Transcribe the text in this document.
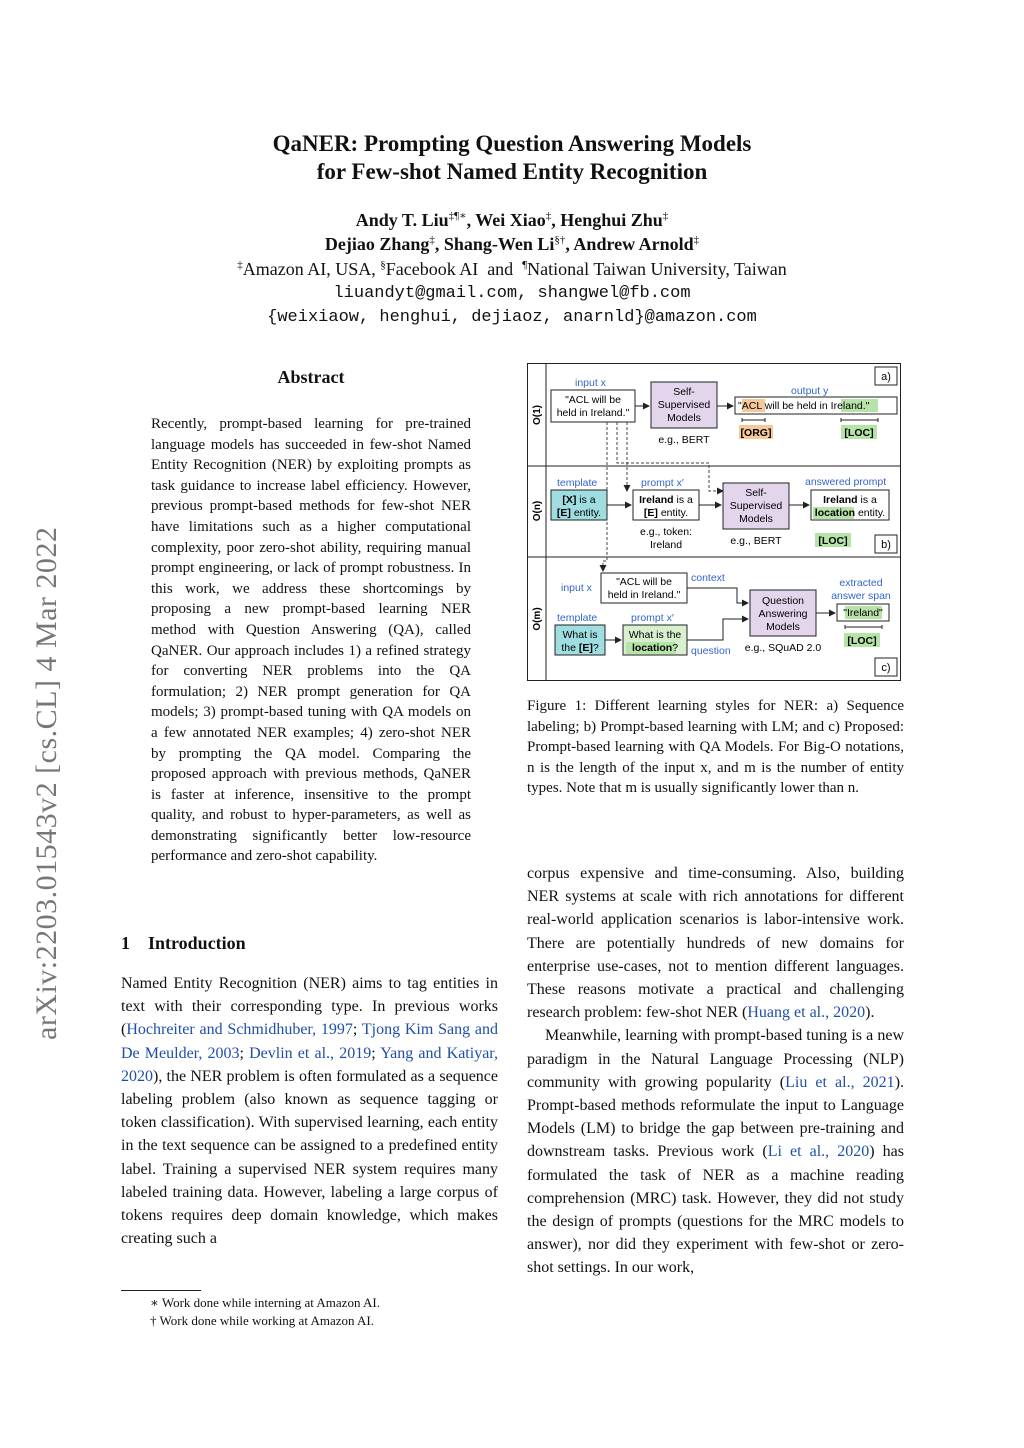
QaNER: Prompting Question Answering Models
for Few-shot Named Entity Recognition
Andy T. Liu‡¶∗, Wei Xiao‡, Henghui Zhu‡
Dejiao Zhang‡, Shang-Wen Li§†, Andrew Arnold‡
‡Amazon AI, USA, §Facebook AI  and  ¶National Taiwan University, Taiwan
liuandyt@gmail.com, shangwel@fb.com
{weixiaow, henghui, dejiaoz, anarnld}@amazon.com
arXiv:2203.01543v2 [cs.CL] 4 Mar 2022
Abstract
Recently, prompt-based learning for pre-trained language models has succeeded in few-shot Named Entity Recognition (NER) by exploiting prompts as task guidance to increase label efficiency. However, previous prompt-based methods for few-shot NER have limitations such as a higher computational complexity, poor zero-shot ability, requiring manual prompt engineering, or lack of prompt robustness. In this work, we address these shortcomings by proposing a new prompt-based learning NER method with Question Answering (QA), called QaNER. Our approach includes 1) a refined strategy for converting NER problems into the QA formulation; 2) NER prompt generation for QA models; 3) prompt-based tuning with QA models on a few annotated NER examples; 4) zero-shot NER by prompting the QA model. Comparing the proposed approach with previous methods, QaNER is faster at inference, insensitive to the prompt quality, and robust to hyper-parameters, as well as demonstrating significantly better low-resource performance and zero-shot capability.
1 Introduction

Named Entity Recognition (NER) aims to tag entities in text with their corresponding type. In previous works (Hochreiter and Schmidhuber, 1997; Tjong Kim Sang and De Meulder, 2003; Devlin et al., 2019; Yang and Katiyar, 2020), the NER problem is often formulated as a sequence labeling problem (also known as sequence tagging or token classification). With supervised learning, each entity in the text sequence can be assigned to a predefined entity label. Training a supervised NER system requires many labeled training data. However, labeling a large corpus of tokens requires deep domain knowledge, which makes creating such a

∗ Work done while interning at Amazon AI.
† Work done while working at Amazon AI.

corpus expensive and time-consuming. Also, building NER systems at scale with rich annotations for different real-world application scenarios is labor-intensive work. There are potentially hundreds of new domains for enterprise use-cases, not to mention different languages. These reasons motivate a practical and challenging research problem: few-shot NER (Huang et al., 2020).

Meanwhile, learning with prompt-based tuning is a new paradigm in the Natural Language Processing (NLP) community with growing popularity (Liu et al., 2021). Prompt-based methods reformulate the input to Language Models (LM) to bridge the gap between pre-training and downstream tasks. Previous work (Li et al., 2020) has formulated the task of NER as a machine reading comprehension (MRC) task. However, they did not study the design of prompts (questions for the MRC models to answer), nor did they experiment with few-shot or zero-shot settings. In our work,

Figure 1: Different learning styles for NER: a) Sequence labeling; b) Prompt-based learning with LM; and c) Proposed: Prompt-based learning with QA Models. For Big-O notations, n is the length of the input x, and m is the number of entity types. Note that m is usually significantly lower than n.
O(1)
O(n)
O(m)
a)
b)
c)
input x
"ACL will be
held in Ireland."
Self-
Supervised
Models
e.g., BERT
output y
"ACL will be held in Ireland."
[ORG]	[LOC]
template
[X] is a
[E] entity.
prompt x′
Ireland is a
[E] entity.
e.g., token:
Ireland
Self-
Supervised
Models
e.g., BERT
answered prompt
Ireland is a
location entity.
[LOC]
input x "ACL will be
held in Ireland."
context
template
What is
the [E]?
prompt x′
What is the
location? question
Question
Answering
Models
e.g., SQuAD 2.0
extracted
answer span
"Ireland"
[LOC]
